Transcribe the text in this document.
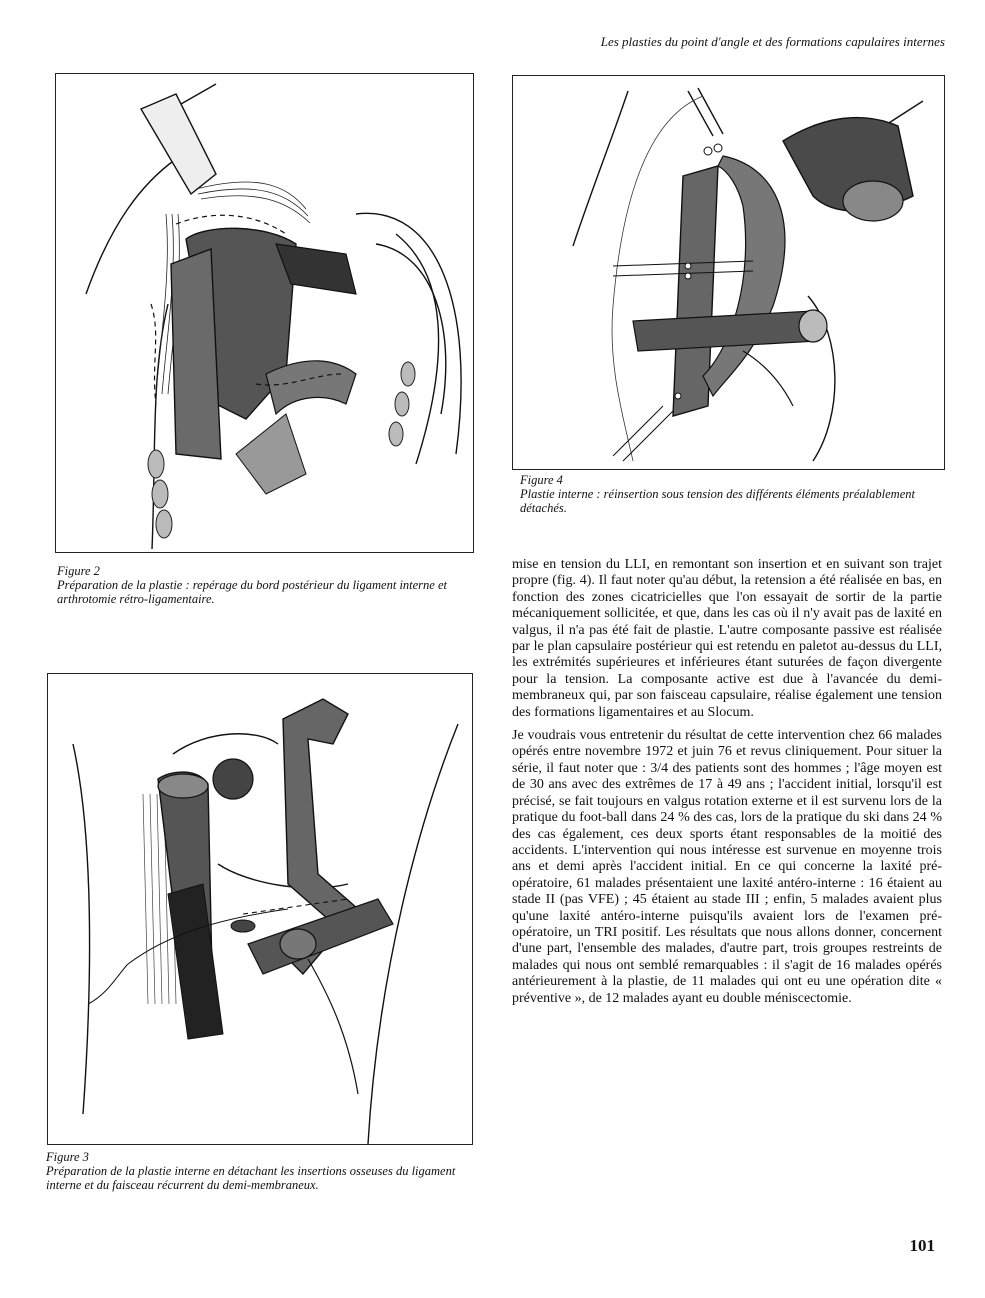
Les plasties du point d'angle et des formations capulaires internes
Figure 2
Préparation de la plastie : repérage du bord postérieur du ligament interne et arthrotomie rétro-ligamentaire.
Figure 4
Plastie interne : réinsertion sous tension des différents éléments préalablement détachés.
Figure 3
Préparation de la plastie interne en détachant les insertions osseuses du ligament interne et du faisceau récurrent du demi-membraneux.

mise en tension du LLI, en remontant son insertion et en suivant son trajet propre (fig. 4). Il faut noter qu'au début, la retension a été réalisée en bas, en fonction des zones cicatricielles que l'on essayait de sortir de la partie mécaniquement sollicitée, et que, dans les cas où il n'y avait pas de laxité en valgus, il n'a pas été fait de plastie. L'autre composante passive est réalisée par le plan capsulaire postérieur qui est retendu en paletot au-dessus du LLI, les extrémités supérieures et inférieures étant suturées de façon divergente pour la tension. La composante active est due à l'avancée du demi-membraneux qui, par son faisceau capsulaire, réalise également une tension des formations ligamentaires et au Slocum.

Je voudrais vous entretenir du résultat de cette intervention chez 66 malades opérés entre novembre 1972 et juin 76 et revus cliniquement. Pour situer la série, il faut noter que : 3/4 des patients sont des hommes ; l'âge moyen est de 30 ans avec des extrêmes de 17 à 49 ans ; l'accident initial, lorsqu'il est précisé, se fait toujours en valgus rotation externe et il est survenu lors de la pratique du foot-ball dans 24 % des cas, lors de la pratique du ski dans 24 % des cas également, ces deux sports étant responsables de la moitié des accidents. L'intervention qui nous intéresse est survenue en moyenne trois ans et demi après l'accident initial. En ce qui concerne la laxité pré-opératoire, 61 malades présentaient une laxité antéro-interne : 16 étaient au stade II (pas VFE) ; 45 étaient au stade III ; enfin, 5 malades avaient plus qu'une laxité antéro-interne puisqu'ils avaient lors de l'examen pré-opératoire, un TRI positif. Les résultats que nous allons donner, concernent d'une part, l'ensemble des malades, d'autre part, trois groupes restreints de malades qui nous ont semblé remarquables : il s'agit de 16 malades opérés antérieurement à la plastie, de 11 malades qui ont eu une opération dite « préventive », de 12 malades ayant eu double méniscectomie.

101
